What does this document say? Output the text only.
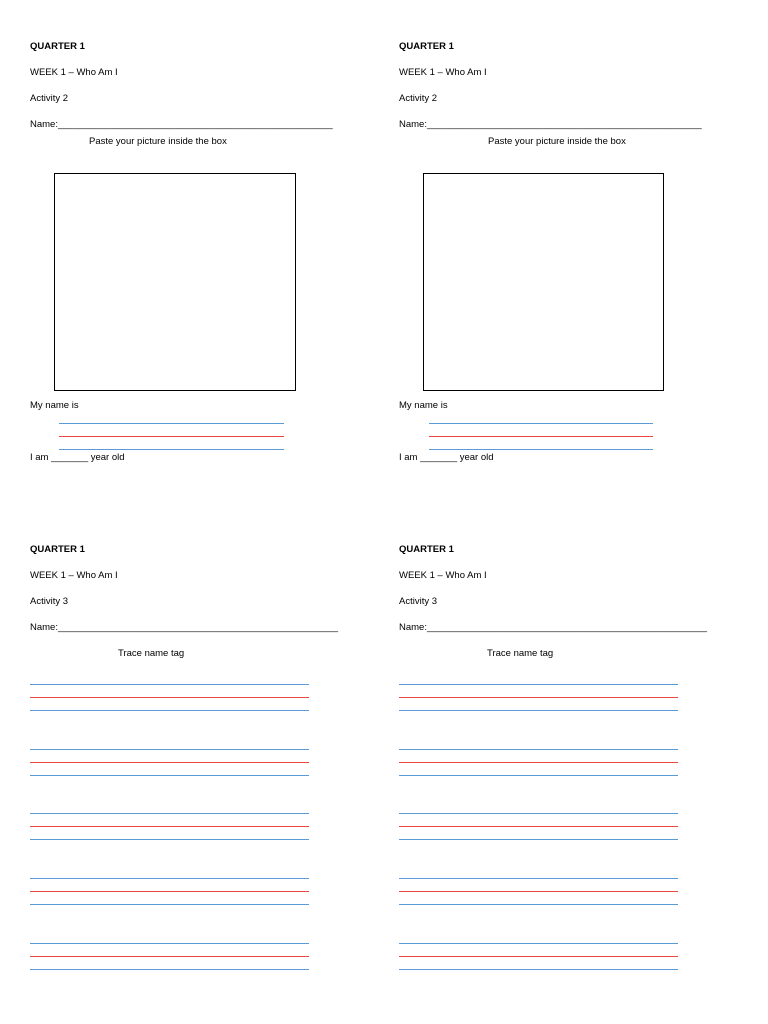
QUARTER 1
WEEK 1 – Who Am I
Activity 2
Name:____________________________________________________
Paste your picture inside the box
My name is
I am _______ year old
QUARTER 1
WEEK 1 – Who Am I
Activity 2
Name:____________________________________________________
Paste your picture inside the box
My name is
I am _______ year old
QUARTER 1
WEEK 1 – Who Am I
Activity 3
Name:_____________________________________________________
Trace name tag
QUARTER 1
WEEK 1 – Who Am I
Activity 3
Name:_____________________________________________________
Trace name tag
